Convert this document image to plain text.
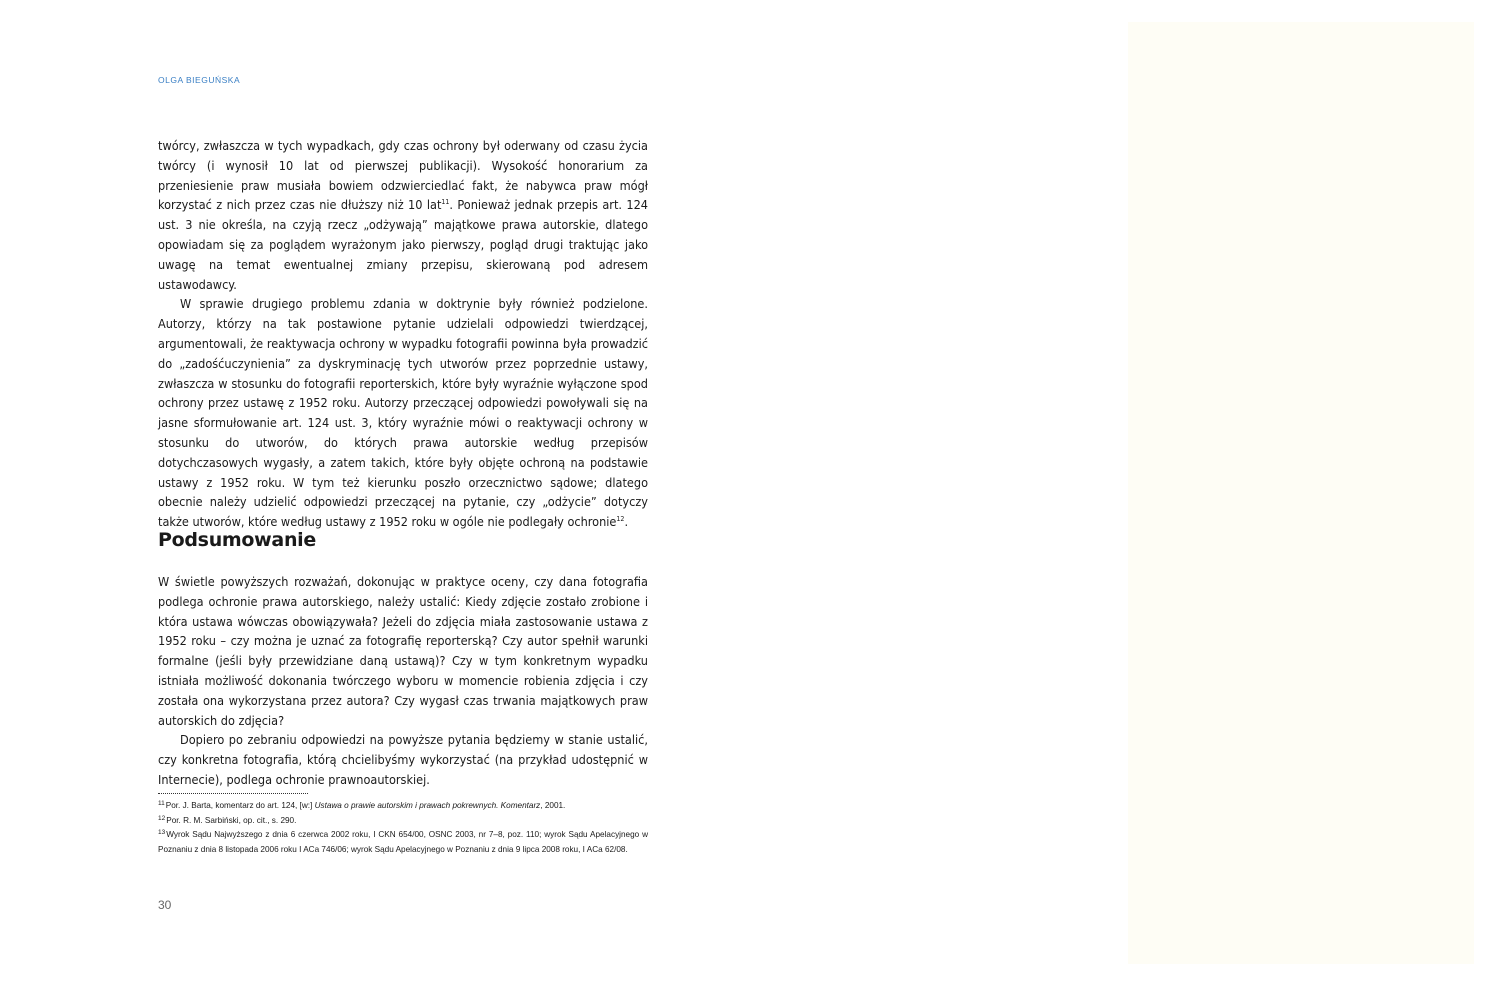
OLGA BIEGUŃSKA

twórcy, zwłaszcza w tych wypadkach, gdy czas ochrony był oderwany od czasu życia twórcy (i wynosił 10 lat od pierwszej publikacji). Wysokość honorarium za przeniesienie praw musiała bowiem odzwierciedlać fakt, że nabywca praw mógł korzystać z nich przez czas nie dłuższy niż 10 lat$^{11}$. Ponieważ jednak przepis art. 124 ust. 3 nie określa, na czyją rzecz „odżywają” majątkowe prawa autorskie, dlatego opowiadam się za poglądem wyrażonym jako pierwszy, pogląd drugi traktując jako uwagę na temat ewentualnej zmiany przepisu, skierowaną pod adresem ustawodawcy.

W sprawie drugiego problemu zdania w doktrynie były również podzielone. Autorzy, którzy na tak postawione pytanie udzielali odpowiedzi twierdzącej, argumentowali, że reaktywacja ochrony w wypadku fotografii powinna była prowadzić do „zadośćuczynienia” za dyskryminację tych utworów przez poprzednie ustawy, zwłaszcza w stosunku do fotografii reporterskich, które były wyraźnie wyłączone spod ochrony przez ustawę z 1952 roku. Autorzy przeczącej odpowiedzi powoływali się na jasne sformułowanie art. 124 ust. 3, który wyraźnie mówi o reaktywacji ochrony w stosunku do utworów, do których prawa autorskie według przepisów dotychczasowych wygasły, a zatem takich, które były objęte ochroną na podstawie ustawy z 1952 roku. W tym też kierunku poszło orzecznictwo sądowe; dlatego obecnie należy udzielić odpowiedzi przeczącej na pytanie, czy „odżycie” dotyczy także utworów, które według ustawy z 1952 roku w ogóle nie podlegały ochronie$^{12}$.

Podsumowanie

W świetle powyższych rozważań, dokonując w praktyce oceny, czy dana fotografia podlega ochronie prawa autorskiego, należy ustalić: Kiedy zdjęcie zostało zrobione i która ustawa wówczas obowiązywała? Jeżeli do zdjęcia miała zastosowanie ustawa z 1952 roku – czy można je uznać za fotografię reporterską? Czy autor spełnił warunki formalne (jeśli były przewidziane daną ustawą)? Czy w tym konkretnym wypadku istniała możliwość dokonania twórczego wyboru w momencie robienia zdjęcia i czy została ona wykorzystana przez autora? Czy wygasł czas trwania majątkowych praw autorskich do zdjęcia?

Dopiero po zebraniu odpowiedzi na powyższe pytania będziemy w stanie ustalić, czy konkretna fotografia, którą chcielibyśmy wykorzystać (na przykład udostępnić w Internecie), podlega ochronie prawnoautorskiej.

$^{11}$Por. J. Barta, komentarz do art. 124, [w:] Ustawa o prawie autorskim i prawach pokrewnych. Komentarz, 2001.

$^{12}$Por. R. M. Sarbiński, op. cit., s. 290.

$^{13}$Wyrok Sądu Najwyższego z dnia 6 czerwca 2002 roku, I CKN 654/00, OSNC 2003, nr 7–8, poz. 110; wyrok Sądu Apelacyjnego w Poznaniu z dnia 8 listopada 2006 roku I ACa 746/06; wyrok Sądu Apelacyjnego w Poznaniu z dnia 9 lipca 2008 roku, I ACa 62/08.

30
